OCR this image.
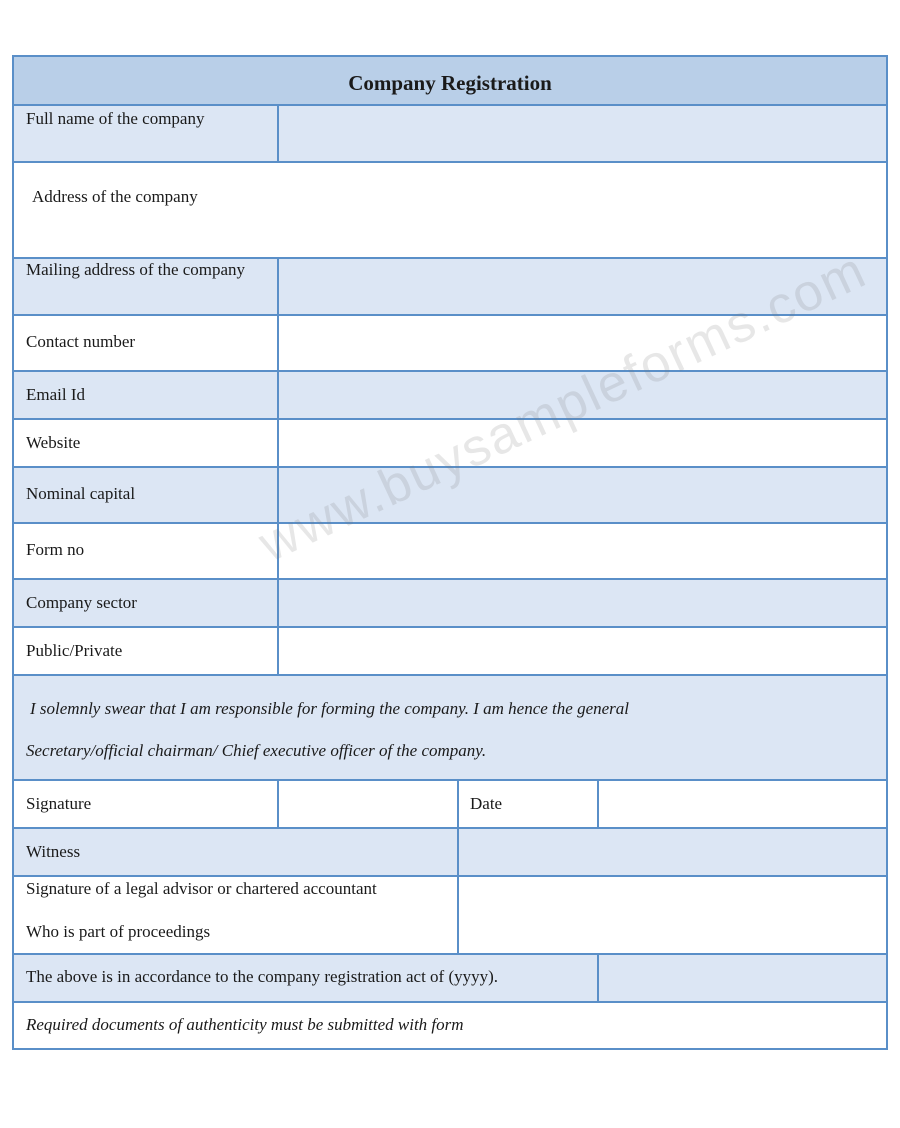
Company Registration
Full name of the company
Address of the company
Mailing address of the company
Contact number
Email Id
Website
Nominal capital
Form no
Company sector
Public/Private
I solemnly swear that I am responsible for forming the company. I am hence the general
Secretary/official chairman/ Chief executive officer of the company.
Signature	Date
Witness
Signature of a legal advisor or chartered accountant
Who is part of proceedings
The above is in accordance to the company registration act of (yyyy).
Required documents of authenticity must be submitted with form
